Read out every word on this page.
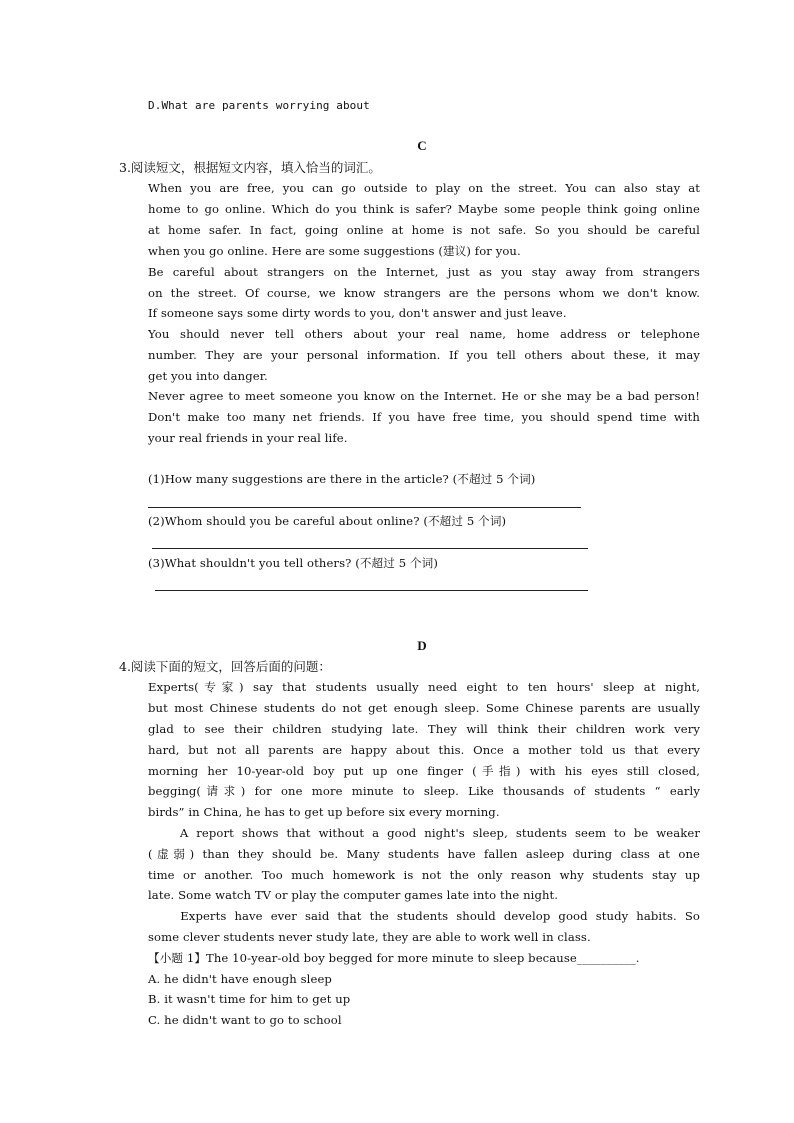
D.What are parents worrying about
C
3.阅读短文，根据短文内容，填入恰当的词汇。
When you are free, you can go outside to play on the street. You can also stay at
home to go online. Which do you think is safer? Maybe some people think going online
at home safer. In fact, going online at home is not safe. So you should be careful
when you go online. Here are some suggestions (建议) for you.
Be careful about strangers on the Internet, just as you stay away from strangers
on the street. Of course, we know strangers are the persons whom we don't know.
If someone says some dirty words to you, don't answer and just leave.
You should never tell others about your real name, home address or telephone
number. They are your personal information. If you tell others about these, it may
get you into danger.
Never agree to meet someone you know on the Internet. He or she may be a bad person!
Don't make too many net friends. If you have free time, you should spend time with
your real friends in your real life.
(1)How many suggestions are there in the article? (不超过 5 个词)
(2)Whom should you be careful about online? (不超过 5 个词)
(3)What shouldn't you tell others? (不超过 5 个词)
D
4.阅读下面的短文，回答后面的问题：
Experts(专家) say that students usually need eight to ten hours' sleep at night,
but most Chinese students do not get enough sleep. Some Chinese parents are usually
glad to see their children studying late. They will think their children work very
hard, but not all parents are happy about this. Once a mother told us that every
morning her 10-year-old boy put up one finger (手指) with his eyes still closed,
begging(请求) for one more minute to sleep. Like thousands of students “ early
birds” in China, he has to get up before six every morning.
A report shows that without a good night's sleep, students seem to be weaker
(虚弱) than they should be. Many students have fallen asleep during class at one
time or another. Too much homework is not the only reason why students stay up
late. Some watch TV or play the computer games late into the night.
Experts have ever said that the students should develop good study habits. So
some clever students never study late, they are able to work well in class.
【小题 1】The 10-year-old boy begged for more minute to sleep because__________.
A. he didn't have enough sleep
B. it wasn't time for him to get up
C. he didn't want to go to school
